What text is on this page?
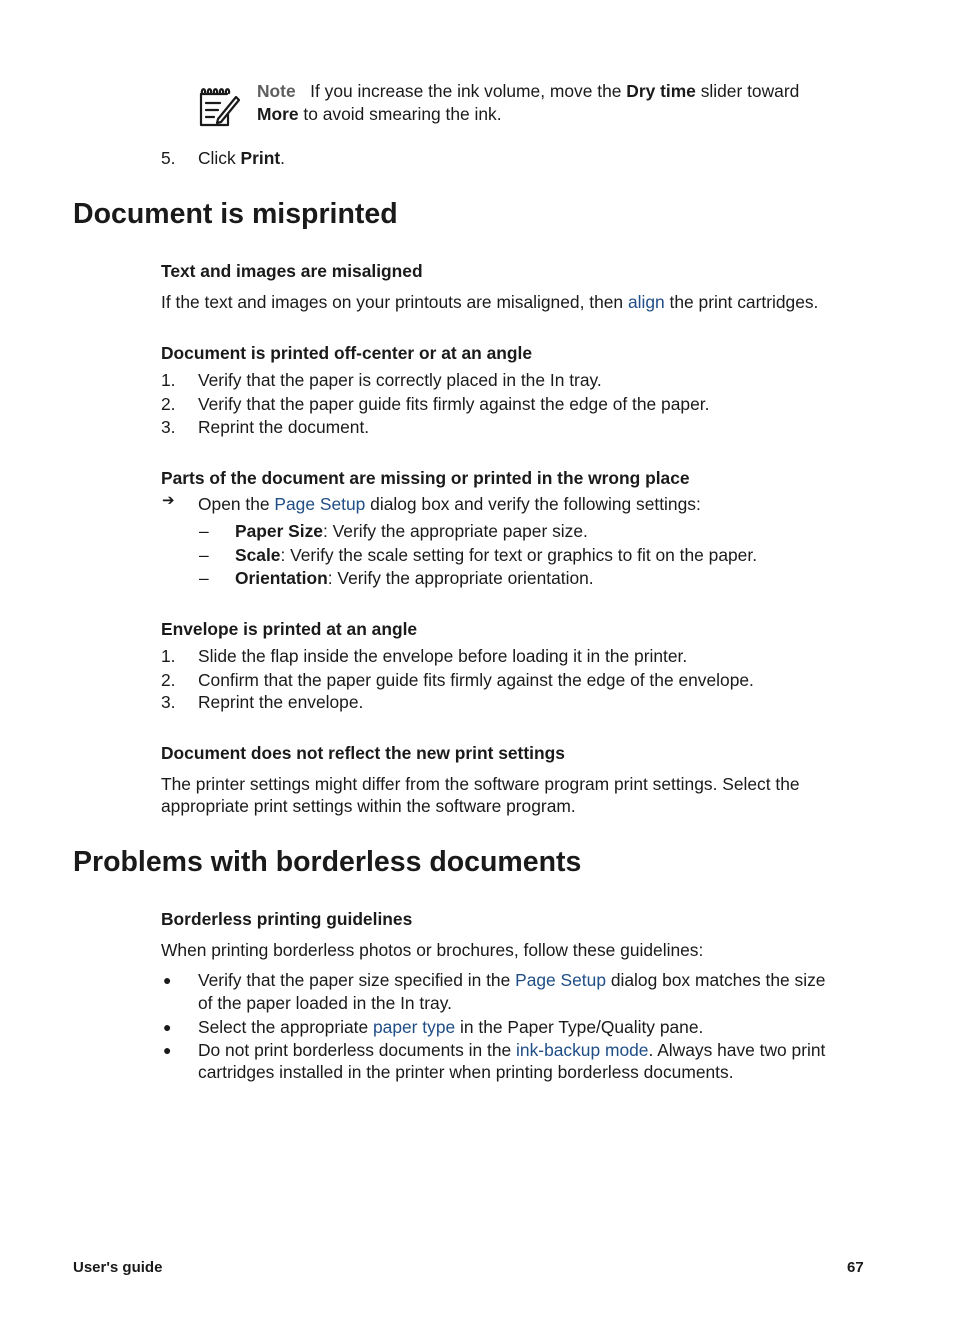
Note If you increase the ink volume, move the Dry time slider toward
More to avoid smearing the ink.
5. Click Print.
Document is misprinted
Text and images are misaligned
If the text and images on your printouts are misaligned, then align the print cartridges.
Document is printed off-center or at an angle
1. Verify that the paper is correctly placed in the In tray.
2. Verify that the paper guide fits firmly against the edge of the paper.
3. Reprint the document.
Parts of the document are missing or printed in the wrong place
➔ Open the Page Setup dialog box and verify the following settings:
– Paper Size: Verify the appropriate paper size.
– Scale: Verify the scale setting for text or graphics to fit on the paper.
– Orientation: Verify the appropriate orientation.
Envelope is printed at an angle
1. Slide the flap inside the envelope before loading it in the printer.
2. Confirm that the paper guide fits firmly against the edge of the envelope.
3. Reprint the envelope.
Document does not reflect the new print settings
The printer settings might differ from the software program print settings. Select the
appropriate print settings within the software program.
Problems with borderless documents
Borderless printing guidelines
When printing borderless photos or brochures, follow these guidelines:
● Verify that the paper size specified in the Page Setup dialog box matches the size
of the paper loaded in the In tray.
● Select the appropriate paper type in the Paper Type/Quality pane.
● Do not print borderless documents in the ink-backup mode. Always have two print
cartridges installed in the printer when printing borderless documents.
User's guide	67
